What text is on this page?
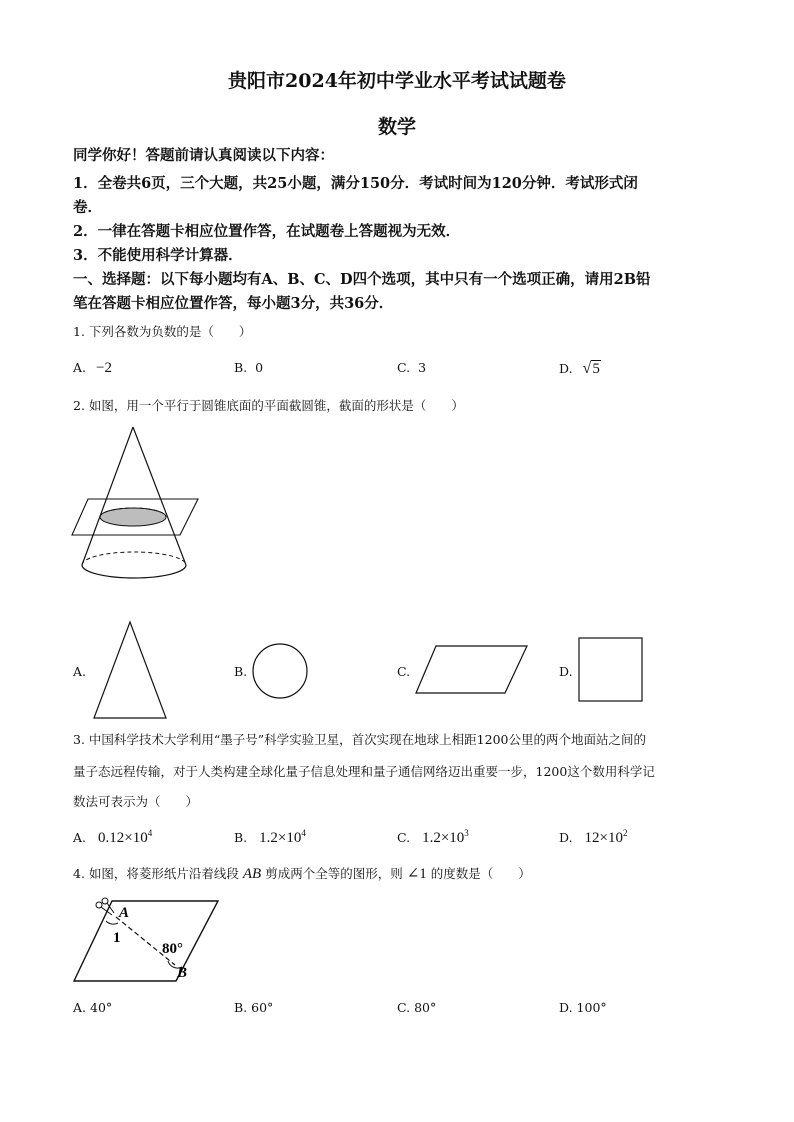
贵阳市2024年初中学业水平考试试题卷
数学
同学你好！答题前请认真阅读以下内容：
1．全卷共6页，三个大题，共25小题，满分150分．考试时间为120分钟．考试形式闭
卷．
2．一律在答题卡相应位置作答，在试题卷上答题视为无效．
3．不能使用科学计算器．
一、选择题：以下每小题均有A、B、C、D四个选项，其中只有一个选项正确，请用2B铅
笔在答题卡相应位置作答，每小题3分，共36分．
1. 下列各数为负数的是（　　）
A. −2	B. 0	C. 3	D. √5
2. 如图，用一个平行于圆锥底面的平面截圆锥，截面的形状是（　　）
A.	B.	C.	D.
3. 中国科学技术大学利用“墨子号”科学实验卫星，首次实现在地球上相距1200公里的两个地面站之间的
量子态远程传输，对于人类构建全球化量子信息处理和量子通信网络迈出重要一步，1200这个数用科学记
数法可表示为（　　）
A. $0.12\times 10^4$	B. $1.2\times 10^4$	C. $1.2\times 10^3$	D. $12\times 10^2$
4. 如图，将菱形纸片沿着线段 AB 剪成两个全等的图形，则 ∠1 的度数是（　　）
A
1
80°
B
A. 40°	B. 60°	C. 80°	D. 100°
